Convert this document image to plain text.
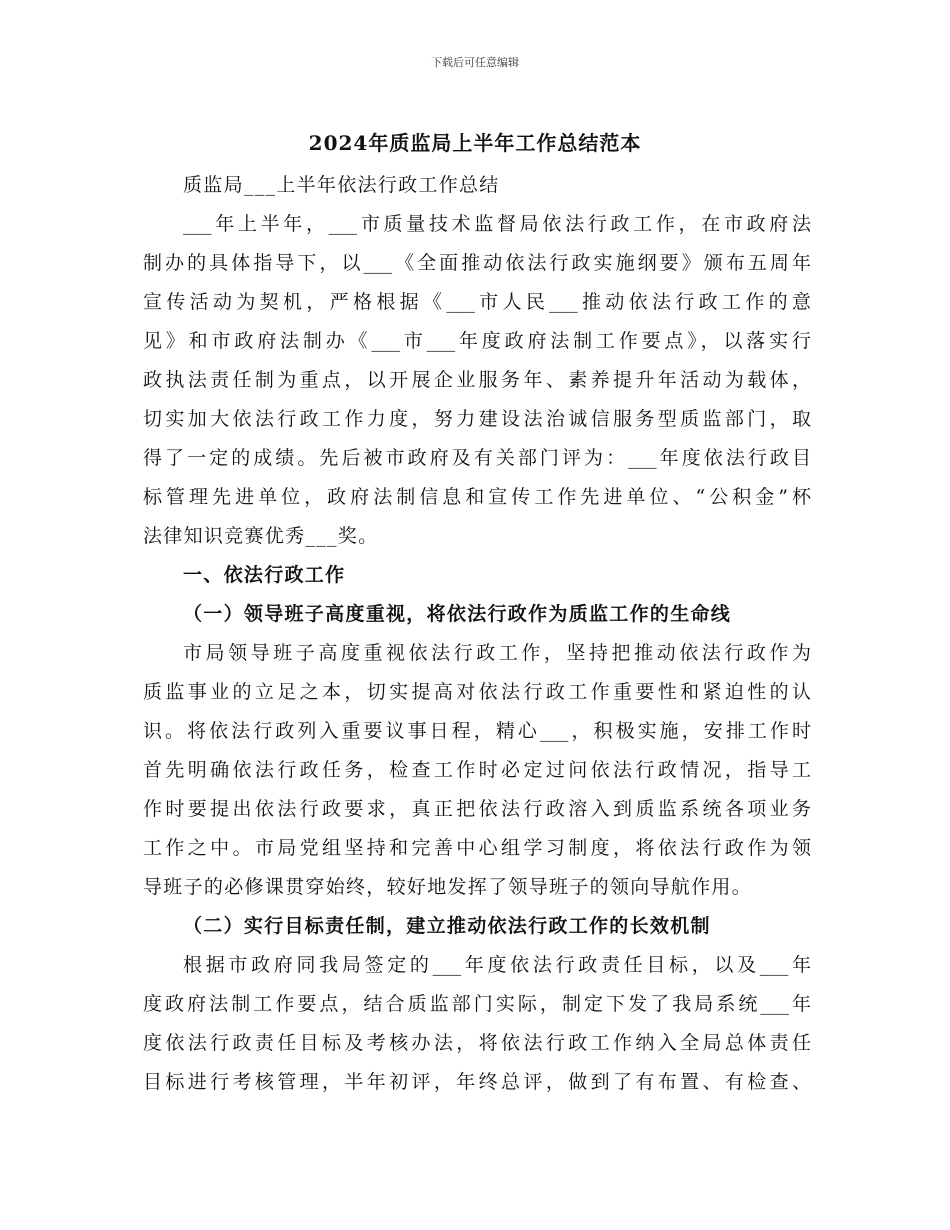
下载后可任意编辑
2024年质监局上半年工作总结范本
质监局___上半年依法行政工作总结
___年上半年，___市质量技术监督局依法行政工作，在市政府法
制办的具体指导下，以___《全面推动依法行政实施纲要》颁布五周年
宣传活动为契机，严格根据《___市人民___推动依法行政工作的意
见》和市政府法制办《___市___年度政府法制工作要点》，以落实行
政执法责任制为重点，以开展企业服务年、素养提升年活动为载体，
切实加大依法行政工作力度，努力建设法治诚信服务型质监部门，取
得了一定的成绩。先后被市政府及有关部门评为：___年度依法行政目
标管理先进单位，政府法制信息和宣传工作先进单位、“公积金”杯
法律知识竞赛优秀___奖。
一、依法行政工作
（一）领导班子高度重视，将依法行政作为质监工作的生命线
市局领导班子高度重视依法行政工作，坚持把推动依法行政作为
质监事业的立足之本，切实提高对依法行政工作重要性和紧迫性的认
识。将依法行政列入重要议事日程，精心___，积极实施，安排工作时
首先明确依法行政任务，检查工作时必定过问依法行政情况，指导工
作时要提出依法行政要求，真正把依法行政溶入到质监系统各项业务
工作之中。市局党组坚持和完善中心组学习制度，将依法行政作为领
导班子的必修课贯穿始终，较好地发挥了领导班子的领向导航作用。
（二）实行目标责任制，建立推动依法行政工作的长效机制
根据市政府同我局签定的___年度依法行政责任目标，以及___年
度政府法制工作要点，结合质监部门实际，制定下发了我局系统___年
度依法行政责任目标及考核办法，将依法行政工作纳入全局总体责任
目标进行考核管理，半年初评，年终总评，做到了有布置、有检查、
